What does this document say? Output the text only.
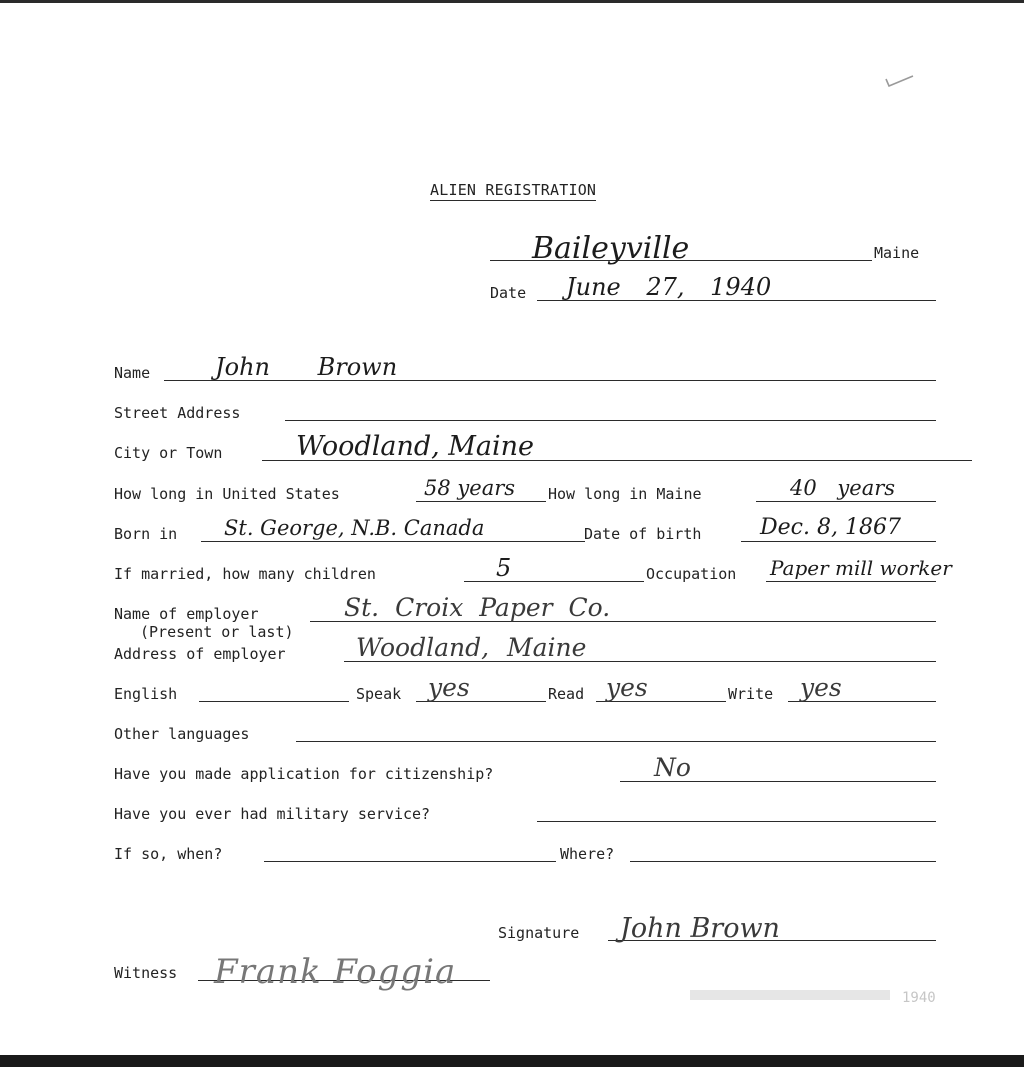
ALIEN REGISTRATION
Baileyville	Maine
Date June 27, 1940
Name	John Brown
Street Address
City or Town	Woodland, Maine
How long in United States	58 years How long in Maine	40 years
Born in St. George, N.B. Canada	Date of birth	Dec. 8, 1867
If married, how many children	5	Occupation Paper mill worker
Name of employer	St. Croix Paper Co.
(Present or last)
Address of employer	Woodland, Maine
English	Speak yes	Read yes	Write yes
Other languages
Have you made application for citizenship?	No
Have you ever had military service?
If so, when?	Where?
Signature John Brown
Witness Frank Foggia
1940
